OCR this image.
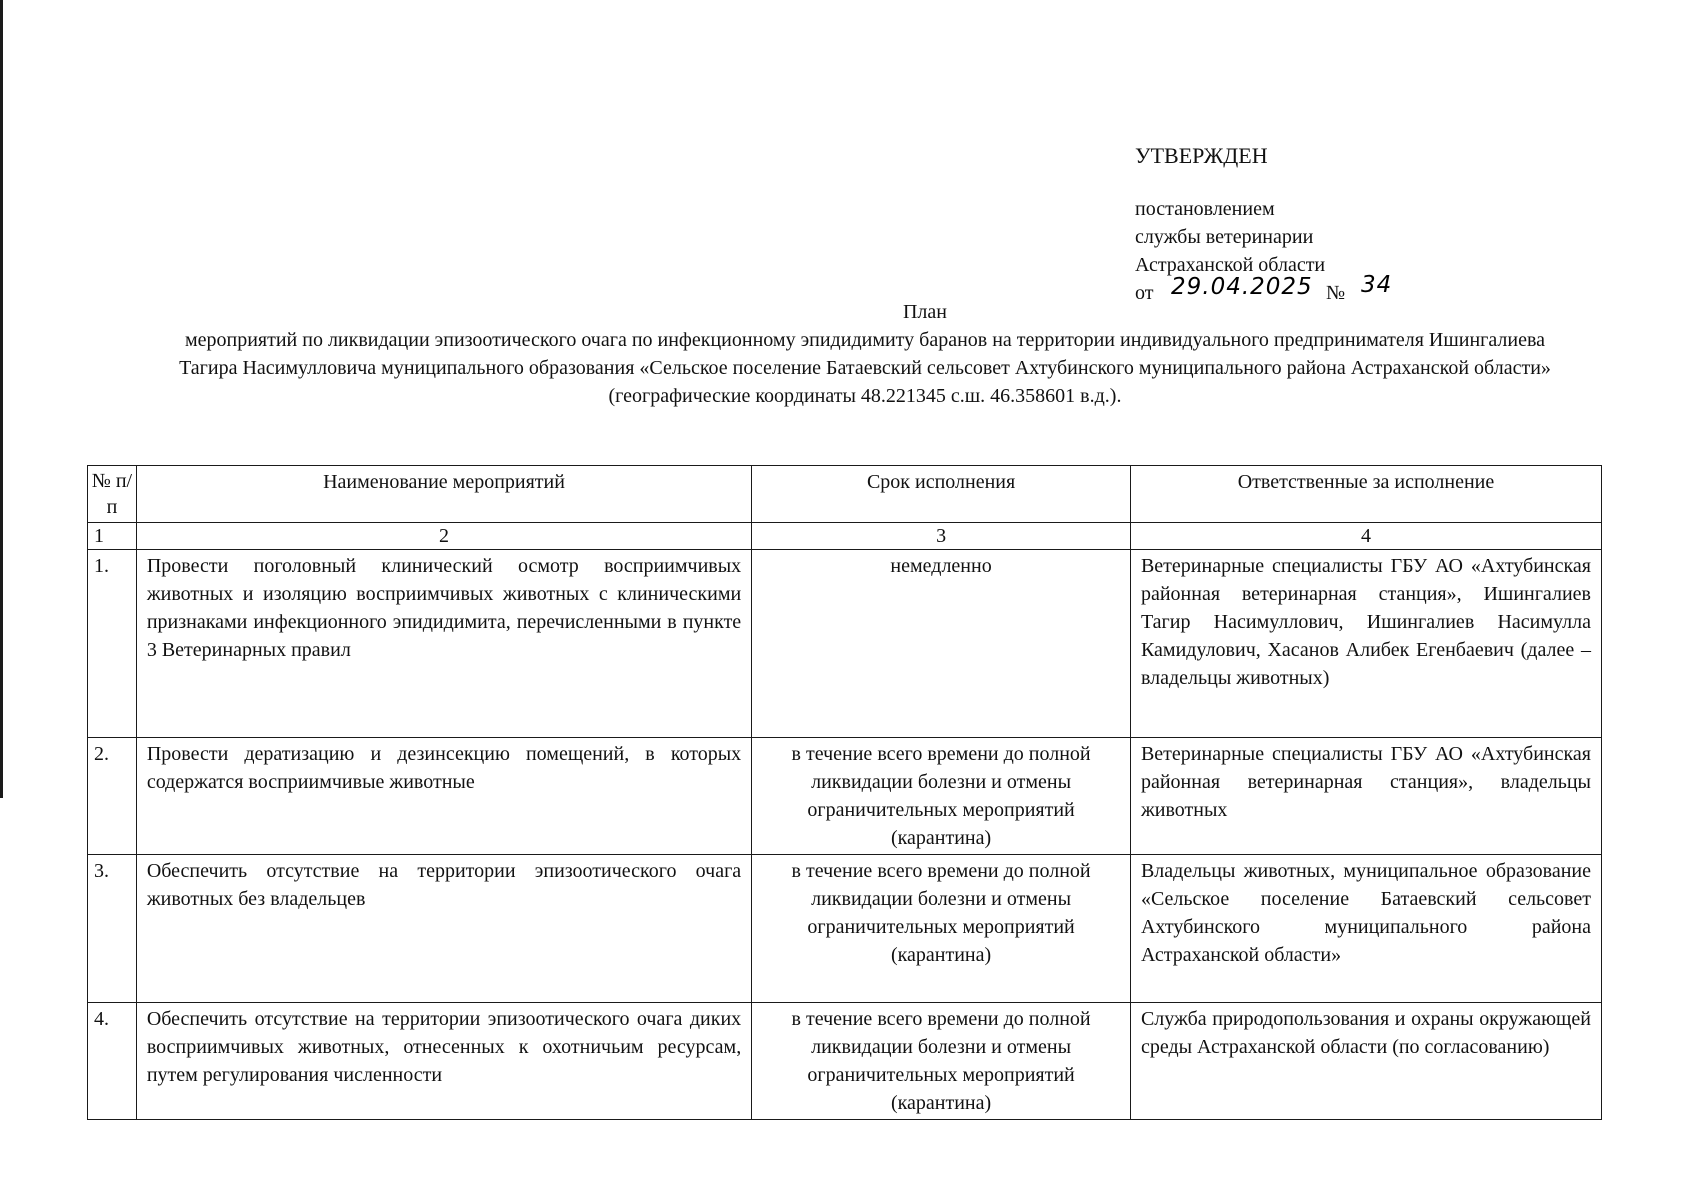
УТВЕРЖДЕН
постановлением
службы ветеринарии
Астраханской области
от 29.04.2025 № 34
План
мероприятий по ликвидации эпизоотического очага по инфекционному эпидидимиту баранов на территории индивидуального предпринимателя Ишингалиева Тагира Насимулловича муниципального образования «Сельское поселение Батаевский сельсовет Ахтубинского муниципального района Астраханской области» (географические координаты 48.221345 с.ш. 46.358601 в.д.).
№ п/п	Наименование мероприятий	Срок исполнения	Ответственные за исполнение
1	2	3	4
1.	Провести поголовный клинический осмотр восприимчивых животных и изоляцию восприимчивых животных с клиническими признаками инфекционного эпидидимита, перечисленными в пункте 3 Ветеринарных правил	немедленно	Ветеринарные специалисты ГБУ АО «Ахтубинская районная ветеринарная станция», Ишингалиев Тагир Насимуллович, Ишингалиев Насимулла Камидулович, Хасанов Алибек Егенбаевич (далее – владельцы животных)
2.	Провести дератизацию и дезинсекцию помещений, в которых содержатся восприимчивые животные	в течение всего времени до полной ликвидации болезни и отмены ограничительных мероприятий (карантина)	Ветеринарные специалисты ГБУ АО «Ахтубинская районная ветеринарная станция», владельцы животных
3.	Обеспечить отсутствие на территории эпизоотического очага животных без владельцев	в течение всего времени до полной ликвидации болезни и отмены ограничительных мероприятий (карантина)	Владельцы животных, муниципальное образование «Сельское поселение Батаевский сельсовет Ахтубинского муниципального района Астраханской области»
4.	Обеспечить отсутствие на территории эпизоотического очага диких восприимчивых животных, отнесенных к охотничьим ресурсам, путем регулирования численности	в течение всего времени до полной ликвидации болезни и отмены ограничительных мероприятий (карантина)	Служба природопользования и охраны окружающей среды Астраханской области (по согласованию)
